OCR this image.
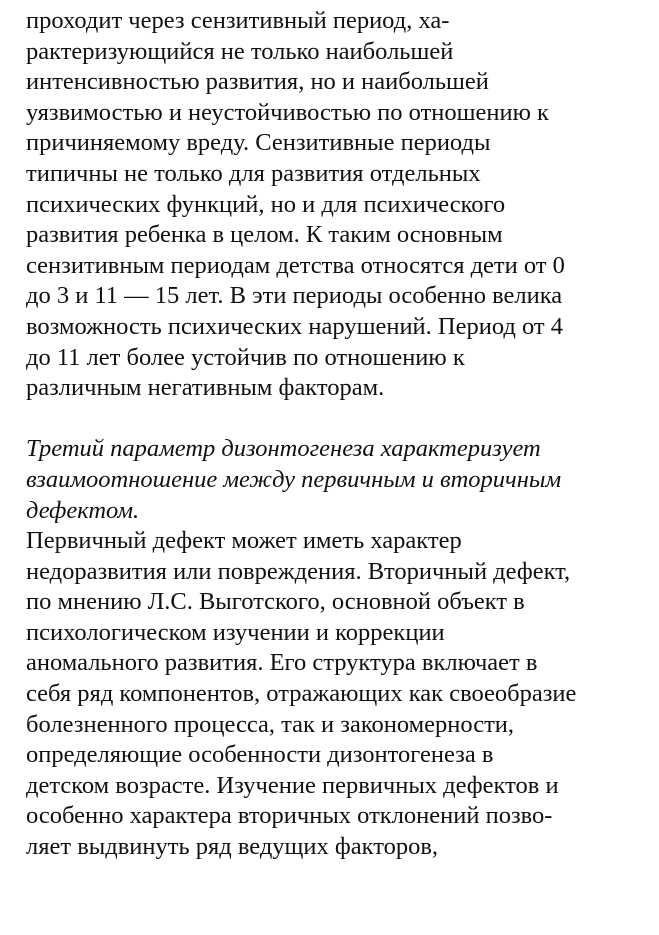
проходит через сензитивный период, ха-
рактеризующийся не только наибольшей
интенсивностью развития, но и наибольшей
уязвимостью и неустойчивостью по отношению к
причиняемому вреду. Сензитивные периоды
типичны не только для развития отдельных
психических функций, но и для психического
развития ребенка в целом. К таким основным
сензитивным периодам детства относятся дети от 0
до 3 и 11 — 15 лет. В эти периоды особенно велика
возможность психических нарушений. Период от 4
до 11 лет более устойчив по отношению к
различным негативным факторам.
Третий параметр дизонтогенеза характеризует
взаимоотношение между первичным и вторичным
дефектом.
Первичный дефект может иметь характер
недоразвития или повреждения. Вторичный дефект,
по мнению Л.С. Выготского, основной объект в
психологическом изучении и коррекции
аномального развития. Его структура включает в
себя ряд компонентов, отражающих как своеобразие
болезненного процесса, так и закономерности,
определяющие особенности дизонтогенеза в
детском возрасте. Изучение первичных дефектов и
особенно характера вторичных отклонений позво-
ляет выдвинуть ряд ведущих факторов,
